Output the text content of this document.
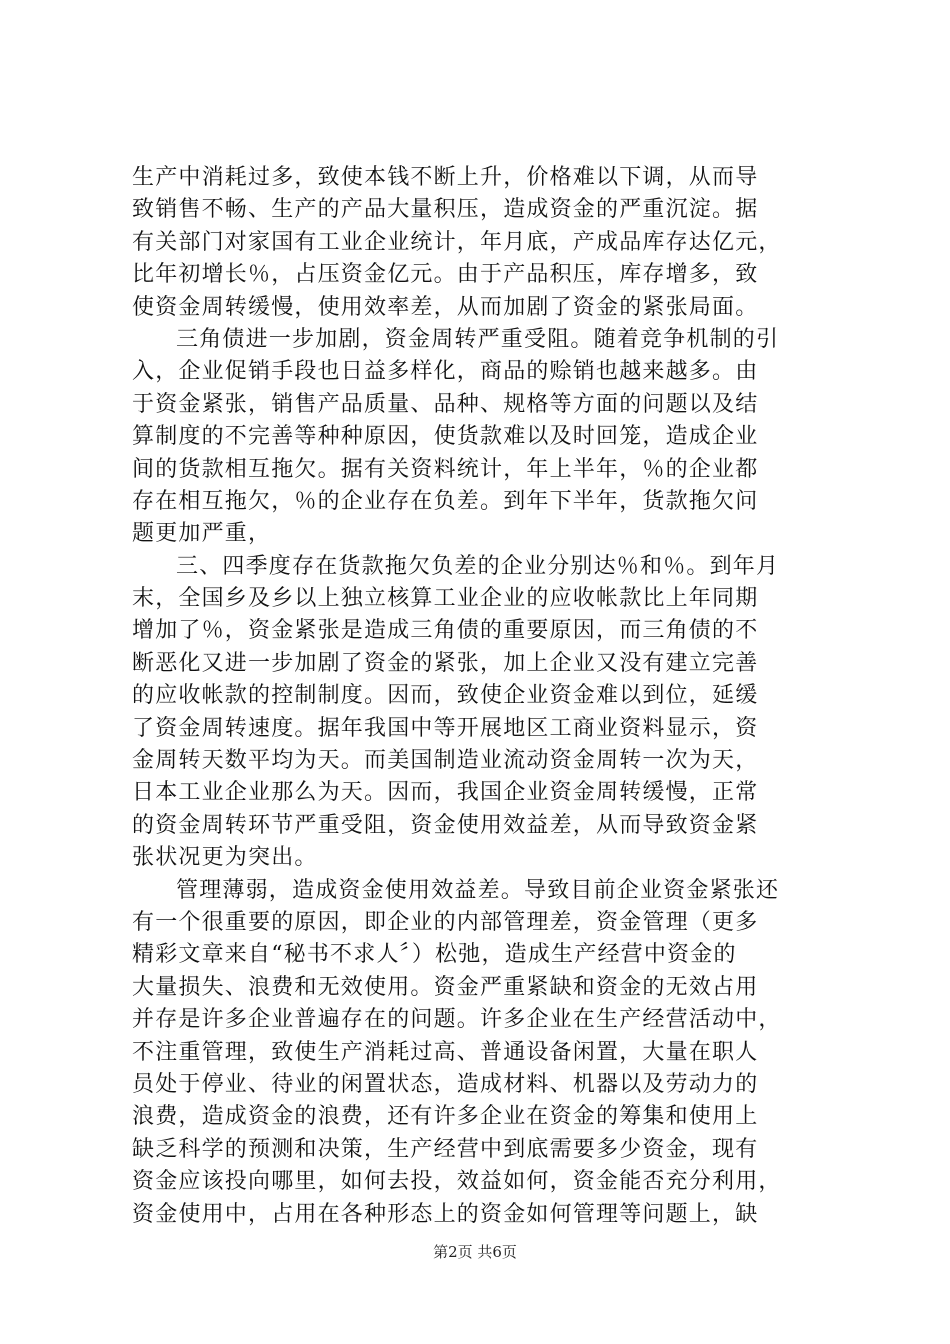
生产中消耗过多，致使本钱不断上升，价格难以下调，从而导
致销售不畅、生产的产品大量积压，造成资金的严重沉淀。据
有关部门对家国有工业企业统计，年月底，产成品库存达亿元，
比年初增长％，占压资金亿元。由于产品积压，库存增多，致
使资金周转缓慢，使用效率差，从而加剧了资金的紧张局面。
三角债进一步加剧，资金周转严重受阻。随着竞争机制的引
入，企业促销手段也日益多样化，商品的赊销也越来越多。由
于资金紧张，销售产品质量、品种、规格等方面的问题以及结
算制度的不完善等种种原因，使货款难以及时回笼，造成企业
间的货款相互拖欠。据有关资料统计，年上半年，％的企业都
存在相互拖欠，％的企业存在负差。到年下半年，货款拖欠问
题更加严重，
三、四季度存在货款拖欠负差的企业分别达％和％。到年月
末，全国乡及乡以上独立核算工业企业的应收帐款比上年同期
增加了％，资金紧张是造成三角债的重要原因，而三角债的不
断恶化又进一步加剧了资金的紧张，加上企业又没有建立完善
的应收帐款的控制制度。因而，致使企业资金难以到位，延缓
了资金周转速度。据年我国中等开展地区工商业资料显示，资
金周转天数平均为天。而美国制造业流动资金周转一次为天，
日本工业企业那么为天。因而，我国企业资金周转缓慢，正常
的资金周转环节严重受阻，资金使用效益差，从而导致资金紧
张状况更为突出。
管理薄弱，造成资金使用效益差。导致目前企业资金紧张还
有一个很重要的原因，即企业的内部管理差，资金管理（更多
精彩文章来自“秘书不求人〞）松弛，造成生产经营中资金的
大量损失、浪费和无效使用。资金严重紧缺和资金的无效占用
并存是许多企业普遍存在的问题。许多企业在生产经营活动中，
不注重管理，致使生产消耗过高、普通设备闲置，大量在职人
员处于停业、待业的闲置状态，造成材料、机器以及劳动力的
浪费，造成资金的浪费，还有许多企业在资金的筹集和使用上
缺乏科学的预测和决策，生产经营中到底需要多少资金，现有
资金应该投向哪里，如何去投，效益如何，资金能否充分利用，
资金使用中，占用在各种形态上的资金如何管理等问题上，缺
第2页 共6页
